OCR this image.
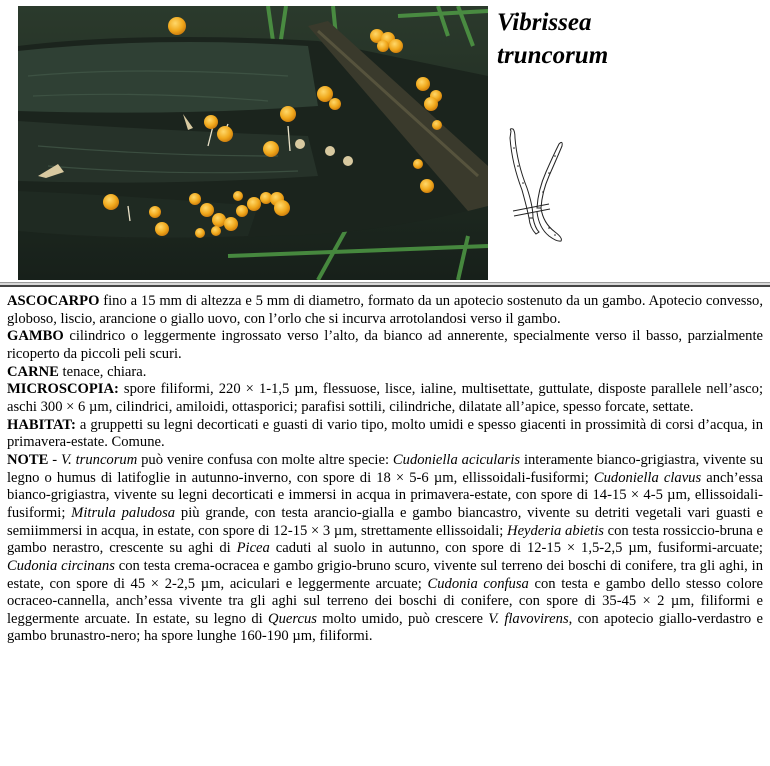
Vibrissea
truncorum

ASCOCARPO fino a 15 mm di altezza e 5 mm di diametro, formato da un apotecio sostenuto da un gambo. Apotecio convesso, globoso, liscio, arancione o giallo uovo, con l’orlo che si incurva arrotolandosi verso il gambo.

GAMBO cilindrico o leggermente ingrossato verso l’alto, da bianco ad annerente, specialmente verso il basso, parzialmente ricoperto da piccoli peli scuri.

CARNE tenace, chiara.

MICROSCOPIA: spore filiformi, 220 × 1-1,5 µm, flessuose, lisce, ialine, multisettate, guttulate, disposte parallele nell’asco; aschi 300 × 6 µm, cilindrici, amiloidi, ottasporici; parafisi sottili, cilindriche, dilatate all’apice, spesso forcate, settate.

HABITAT: a gruppetti su legni decorticati e guasti di vario tipo, molto umidi e spesso giacenti in prossimità di corsi d’acqua, in primavera-estate. Comune.

NOTE - V. truncorum può venire confusa con molte altre specie: Cudoniella acicularis interamente bianco-grigiastra, vivente su legno o humus di latifoglie in autunno-inverno, con spore di 18 × 5-6 µm, ellissoidali-fusiformi; Cudoniella clavus anch’essa bianco-grigiastra, vivente su legni decorticati e immersi in acqua in primavera-estate, con spore di 14-15 × 4-5 µm, ellissoidali-fusiformi; Mitrula paludosa più grande, con testa arancio-gialla e gambo biancastro, vivente su detriti vegetali vari guasti e semiimmersi in acqua, in estate, con spore di 12-15 × 3 µm, strettamente ellissoidali; Heyderia abietis con testa rossiccio-bruna e gambo nerastro, crescente su aghi di Picea caduti al suolo in autunno, con spore di 12-15 × 1,5-2,5 µm, fusiformi-arcuate; Cudonia circinans con testa crema-ocracea e gambo grigio-bruno scuro, vivente sul terreno dei boschi di conifere, tra gli aghi, in estate, con spore di 45 × 2-2,5 µm, aciculari e leggermente arcuate; Cudonia confusa con testa e gambo dello stesso colore ocraceo-cannella, anch’essa vivente tra gli aghi sul terreno dei boschi di conifere, con spore di 35-45 × 2 µm, filiformi e leggermente arcuate. In estate, su legno di Quercus molto umido, può crescere V. flavovirens, con apotecio giallo-verdastro e gambo brunastro-nero; ha spore lunghe 160-190 µm, filiformi.
